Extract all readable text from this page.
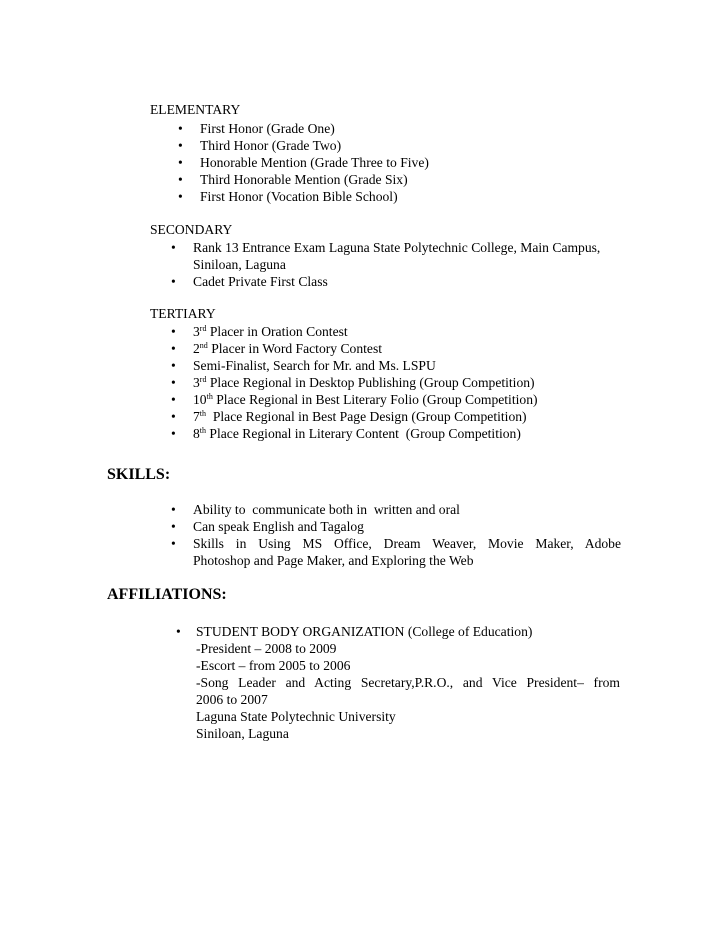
ELEMENTARY
• First Honor (Grade One)
• Third Honor (Grade Two)
• Honorable Mention (Grade Three to Five)
• Third Honorable Mention (Grade Six)
• First Honor (Vocation Bible School)
SECONDARY
• Rank 13 Entrance Exam Laguna State Polytechnic College, Main Campus,
Siniloan, Laguna
• Cadet Private First Class
TERTIARY
• 3rd Placer in Oration Contest
• 2nd Placer in Word Factory Contest
• Semi-Finalist, Search for Mr. and Ms. LSPU
• 3rd Place Regional in Desktop Publishing (Group Competition)
• 10th Place Regional in Best Literary Folio (Group Competition)
• 7th  Place Regional in Best Page Design (Group Competition)
• 8th Place Regional in Literary Content  (Group Competition)
SKILLS:
• Ability to  communicate both in  written and oral
• Can speak English and Tagalog
• Skills in Using MS Office, Dream Weaver, Movie Maker, Adobe
Photoshop and Page Maker, and Exploring the Web
AFFILIATIONS:
• STUDENT BODY ORGANIZATION (College of Education)
-President – 2008 to 2009
-Escort – from 2005 to 2006
-Song Leader and Acting Secretary,P.R.O., and Vice President– from
2006 to 2007
Laguna State Polytechnic University
Siniloan, Laguna
